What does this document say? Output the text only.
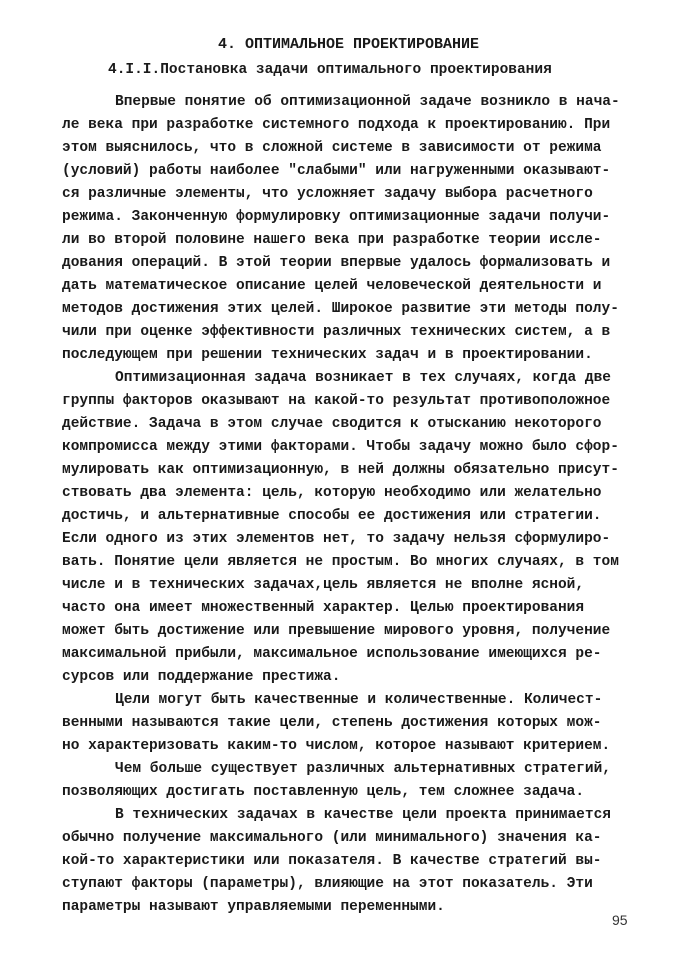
4. ОПТИМАЛЬНОЕ ПРОЕКТИРОВАНИЕ
4.I.I.Постановка задачи оптимального проектирования
Впервые понятие об оптимизационной задаче возникло в нача-
ле века при разработке системного подхода к проектированию. При
этом выяснилось, что в сложной системе в зависимости от режима
(условий) работы наиболее "слабыми" или нагруженными оказывают-
ся различные элементы, что усложняет задачу выбора расчетного
режима. Законченную формулировку оптимизационные задачи получи-
ли во второй половине нашего века при разработке теории иссле-
дования операций. В этой теории впервые удалось формализовать и
дать математическое описание целей человеческой деятельности и
методов достижения этих целей. Широкое развитие эти методы полу-
чили при оценке эффективности различных технических систем, а в
последующем при решении технических задач и в проектировании.
Оптимизационная задача возникает в тех случаях, когда две
группы факторов оказывают на какой-то результат противоположное
действие. Задача в этом случае сводится к отысканию некоторого
компромисса между этими факторами. Чтобы задачу можно было сфор-
мулировать как оптимизационную, в ней должны обязательно присут-
ствовать два элемента: цель, которую необходимо или желательно
достичь, и альтернативные способы ее достижения или стратегии.
Если одного из этих элементов нет, то задачу нельзя сформулиро-
вать. Понятие цели является не простым. Во многих случаях, в том
числе и в технических задачах,цель является не вполне ясной,
часто она имеет множественный характер. Целью проектирования
может быть достижение или превышение мирового уровня, получение
максимальной прибыли, максимальное использование имеющихся ре-
сурсов или поддержание престижа.
Цели могут быть качественные и количественные. Количест-
венными называются такие цели, степень достижения которых мож-
но характеризовать каким-то числом, которое называют критерием.
Чем больше существует различных альтернативных стратегий,
позволяющих достигать поставленную цель, тем сложнее задача.
В технических задачах в качестве цели проекта принимается
обычно получение максимального (или минимального) значения ка-
кой-то характеристики или показателя. В качестве стратегий вы-
ступают факторы (параметры), влияющие на этот показатель. Эти
параметры называют управляемыми переменными.
95
